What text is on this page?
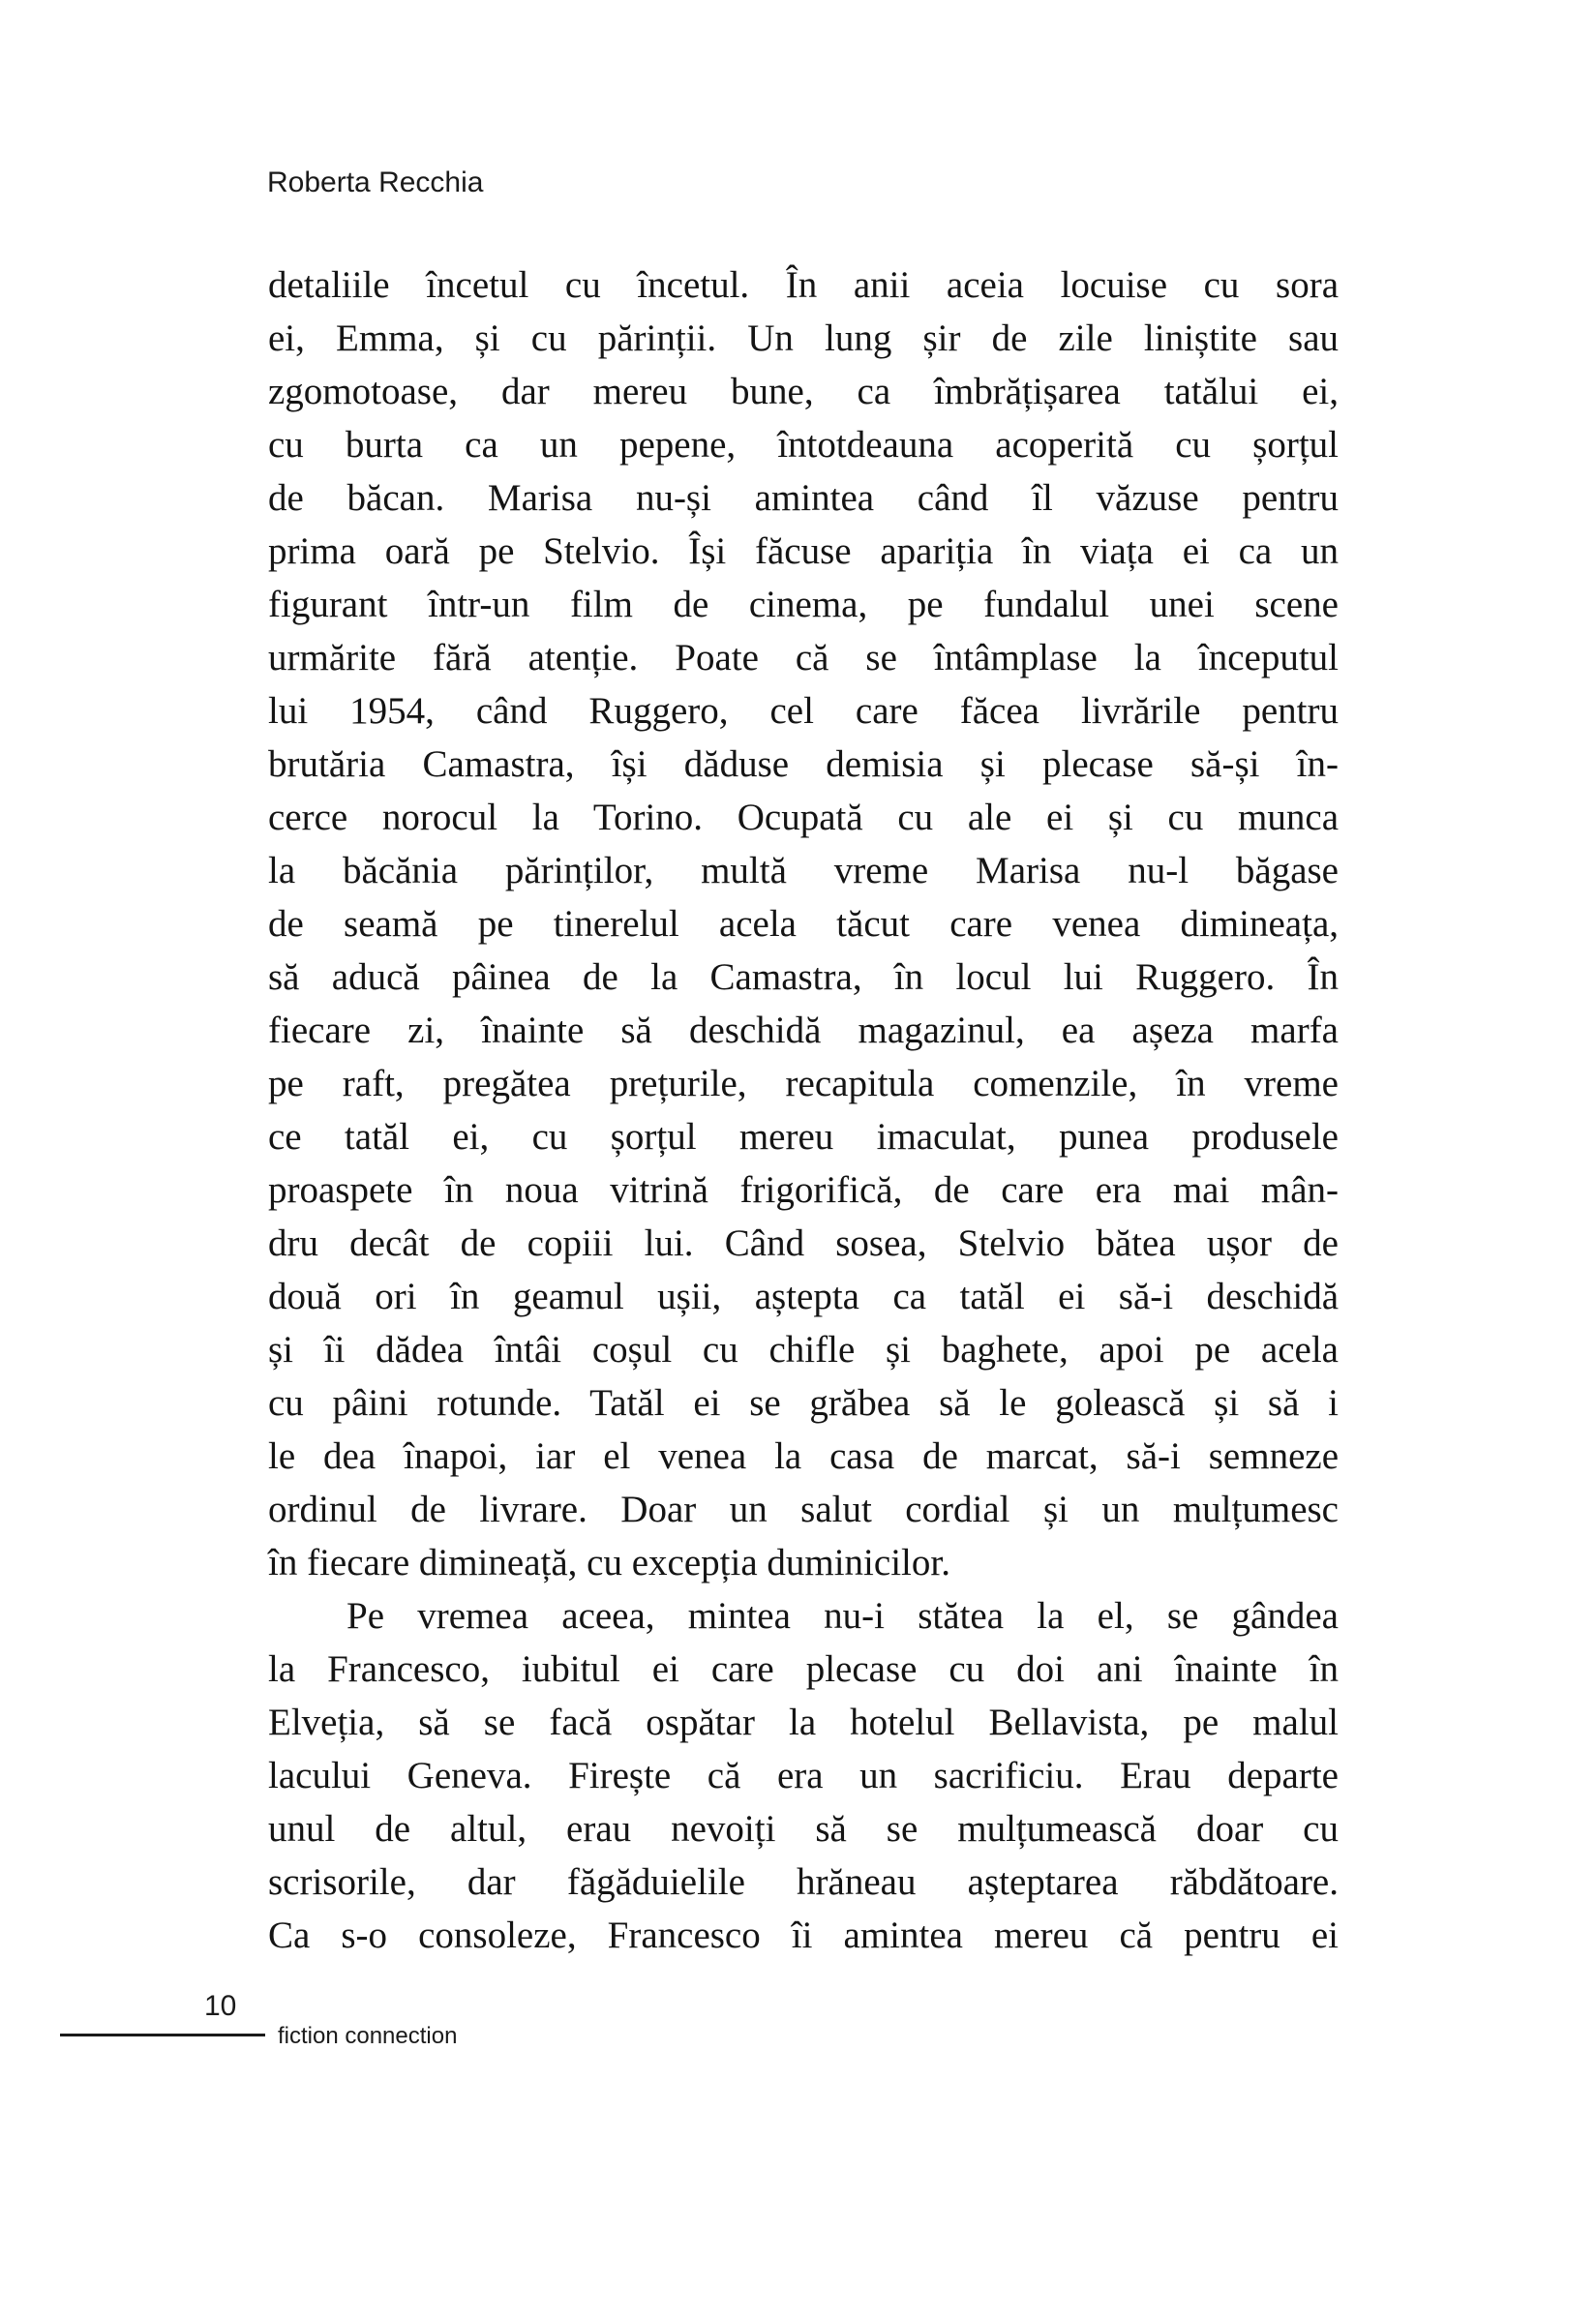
Roberta Recchia
detaliile încetul cu încetul. În anii aceia locuise cu sora
ei, Emma, și cu părinții. Un lung șir de zile liniștite sau
zgomotoase, dar mereu bune, ca îmbrățișarea tatălui ei,
cu burta ca un pepene, întotdeauna acoperită cu șorțul
de băcan. Marisa nu-și amintea când îl văzuse pentru
prima oară pe Stelvio. Își făcuse apariția în viața ei ca un
figurant într-un film de cinema, pe fundalul unei scene
urmărite fără atenție. Poate că se întâmplase la începutul
lui 1954, când Ruggero, cel care făcea livrările pentru
brutăria Camastra, își dăduse demisia și plecase să-și în-
cerce norocul la Torino. Ocupată cu ale ei și cu munca
la băcănia părinților, multă vreme Marisa nu-l băgase
de seamă pe tinerelul acela tăcut care venea dimineața,
să aducă pâinea de la Camastra, în locul lui Ruggero. În
fiecare zi, înainte să deschidă magazinul, ea așeza marfa
pe raft, pregătea prețurile, recapitula comenzile, în vreme
ce tatăl ei, cu șorțul mereu imaculat, punea produsele
proaspete în noua vitrină frigorifică, de care era mai mân-
dru decât de copiii lui. Când sosea, Stelvio bătea ușor de
două ori în geamul ușii, aștepta ca tatăl ei să-i deschidă
și îi dădea întâi coșul cu chifle și baghete, apoi pe acela
cu pâini rotunde. Tatăl ei se grăbea să le golească și să i
le dea înapoi, iar el venea la casa de marcat, să-i semneze
ordinul de livrare. Doar un salut cordial și un mulțumesc
în fiecare dimineață, cu excepția duminicilor.
Pe vremea aceea, mintea nu-i stătea la el, se gândea
la Francesco, iubitul ei care plecase cu doi ani înainte în
Elveția, să se facă ospătar la hotelul Bellavista, pe malul
lacului Geneva. Firește că era un sacrificiu. Erau departe
unul de altul, erau nevoiți să se mulțumească doar cu
scrisorile, dar făgăduielile hrăneau așteptarea răbdătoare.
Ca s-o consoleze, Francesco îi amintea mereu că pentru ei
10
fiction connection
